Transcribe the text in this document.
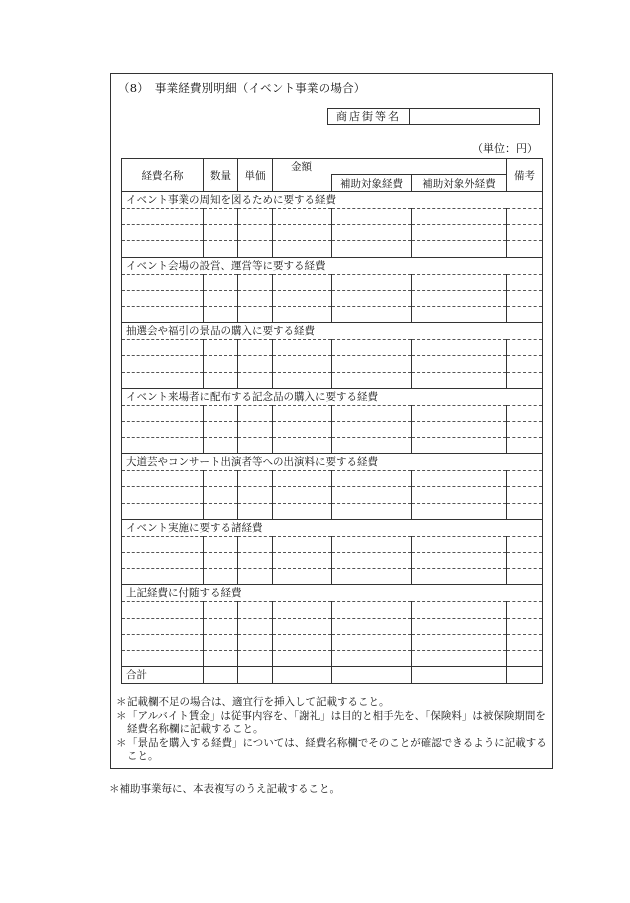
（8）　事業経費別明細（イベント事業の場合）
商店街等名
（単位：円）
経費名称	数量	単価	金額			備考
				補助対象経費	補助対象外経費	
イベント事業の周知を図るために要する経費						

イベント会場の設営、運営等に要する経費						

抽選会や福引の景品の購入に要する経費						

イベント来場者に配布する記念品の購入に要する経費						

大道芸やコンサート出演者等への出演料に要する経費						

イベント実施に要する諸経費						

上記経費に付随する経費						

合計						
＊ 記載欄不足の場合は、適宜行を挿入して記載すること。
＊ 「アルバイト賃金」は従事内容を、「謝礼」は目的と相手先を、「保険料」は被保険期間を経費名称欄に記載すること。
＊ 「景品を購入する経費」については、経費名称欄でそのことが確認できるように記載すること。
＊補助事業毎に、本表複写のうえ記載すること。
